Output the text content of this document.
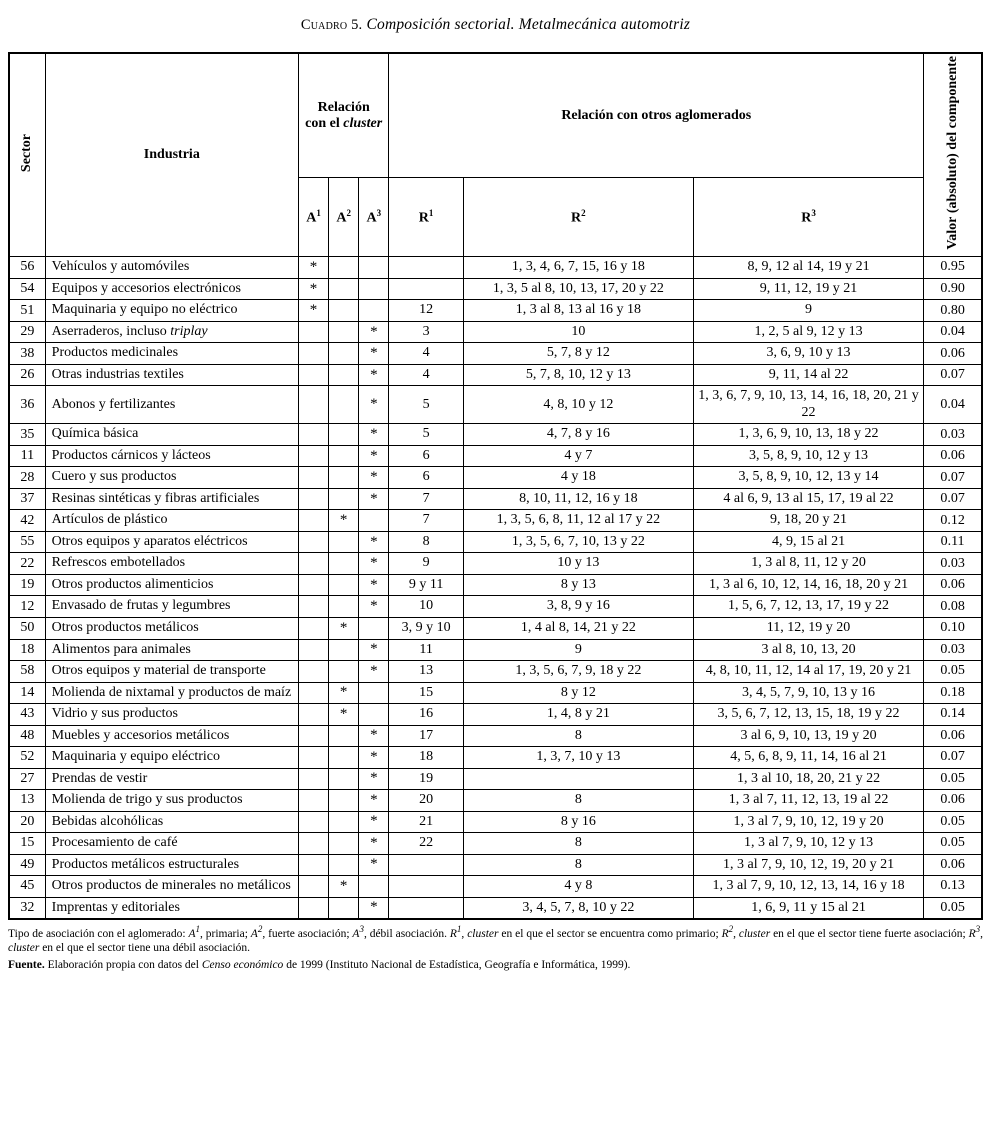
Cuadro 5. Composición sectorial. Metalmecánica automotriz
Sector	Industria	Relación
con el cluster			Relación con otros aglomerados			Valor (absoluto) del componente
		$A^1$	$A^2$	$A^3$	$R^1$	$R^2$	$R^3$
56	Vehículos y automóviles	*				1, 3, 4, 6, 7, 15, 16 y 18	8, 9, 12 al 14, 19 y 21	0.95
54	Equipos y accesorios electrónicos	*				1, 3, 5 al 8, 10, 13, 17, 20 y 22	9, 11, 12, 19 y 21	0.90
51	Maquinaria y equipo no eléctrico	*			12	1, 3 al 8, 13 al 16 y 18	9	0.80
29	Aserraderos, incluso triplay			*	3	10	1, 2, 5 al 9, 12 y 13	0.04
38	Productos medicinales			*	4	5, 7, 8 y 12	3, 6, 9, 10 y 13	0.06
26	Otras industrias textiles			*	4	5, 7, 8, 10, 12 y 13	9, 11, 14 al 22	0.07
36	Abonos y fertilizantes			*	5	4, 8, 10 y 12	1, 3, 6, 7, 9, 10, 13, 14, 16, 18, 20, 21 y 22	0.04
35	Química básica			*	5	4, 7, 8 y 16	1, 3, 6, 9, 10, 13, 18 y 22	0.03
11	Productos cárnicos y lácteos			*	6	4 y 7	3, 5, 8, 9, 10, 12 y 13	0.06
28	Cuero y sus productos			*	6	4 y 18	3, 5, 8, 9, 10, 12, 13 y 14	0.07
37	Resinas sintéticas y fibras artificiales			*	7	8, 10, 11, 12, 16 y 18	4 al 6, 9, 13 al 15, 17, 19 al 22	0.07
42	Artículos de plástico		*		7	1, 3, 5, 6, 8, 11, 12 al 17 y 22	9, 18, 20 y 21	0.12
55	Otros equipos y aparatos eléctricos			*	8	1, 3, 5, 6, 7, 10, 13 y 22	4, 9, 15 al 21	0.11
22	Refrescos embotellados			*	9	10 y 13	1, 3 al 8, 11, 12 y 20	0.03
19	Otros productos alimenticios			*	9 y 11	8 y 13	1, 3 al 6, 10, 12, 14, 16, 18, 20 y 21	0.06
12	Envasado de frutas y legumbres			*	10	3, 8, 9 y 16	1, 5, 6, 7, 12, 13, 17, 19 y 22	0.08
50	Otros productos metálicos		*		3, 9 y 10	1, 4 al 8, 14, 21 y 22	11, 12, 19 y 20	0.10
18	Alimentos para animales			*	11	9	3 al 8, 10, 13, 20	0.03
58	Otros equipos y material de transporte			*	13	1, 3, 5, 6, 7, 9, 18 y 22	4, 8, 10, 11, 12, 14 al 17, 19, 20 y 21	0.05
14	Molienda de nixtamal y productos de maíz		*		15	8 y 12	3, 4, 5, 7, 9, 10, 13 y 16	0.18
43	Vidrio y sus productos		*		16	1, 4, 8 y 21	3, 5, 6, 7, 12, 13, 15, 18, 19 y 22	0.14
48	Muebles y accesorios metálicos			*	17	8	3 al 6, 9, 10, 13, 19 y 20	0.06
52	Maquinaria y equipo eléctrico			*	18	1, 3, 7, 10 y 13	4, 5, 6, 8, 9, 11, 14, 16 al 21	0.07
27	Prendas de vestir			*	19		1, 3 al 10, 18, 20, 21 y 22	0.05
13	Molienda de trigo y sus productos			*	20	8	1, 3 al 7, 11, 12, 13, 19 al 22	0.06
20	Bebidas alcohólicas			*	21	8 y 16	1, 3 al 7, 9, 10, 12, 19 y 20	0.05
15	Procesamiento de café			*	22	8	1, 3 al 7, 9, 10, 12 y 13	0.05
49	Productos metálicos estructurales			*		8	1, 3 al 7, 9, 10, 12, 19, 20 y 21	0.06
45	Otros productos de minerales no metálicos		*			4 y 8	1, 3 al 7, 9, 10, 12, 13, 14, 16 y 18	0.13
32	Imprentas y editoriales			*		3, 4, 5, 7, 8, 10 y 22	1, 6, 9, 11 y 15 al 21	0.05
Tipo de asociación con el aglomerado: $A^1$, primaria; $A^2$, fuerte asociación; $A^3$, débil asociación. $R^1$, cluster en el que el sector se encuentra como primario; $R^2$, cluster en el que el sector tiene fuerte asociación; $R^3$, cluster en el que el sector tiene una débil asociación.
Fuente. Elaboración propia con datos del Censo económico de 1999 (Instituto Nacional de Estadística, Geografía e Informática, 1999).
